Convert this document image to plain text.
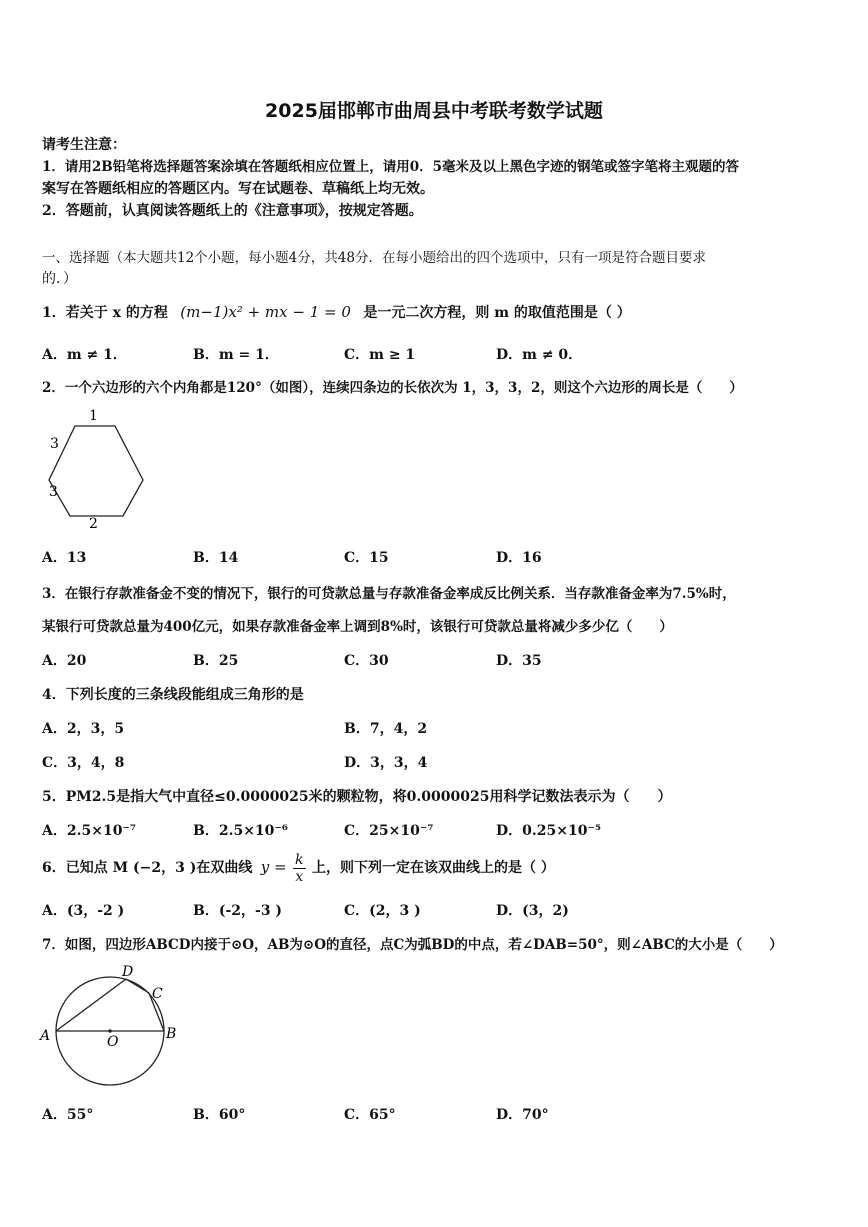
2025届邯郸市曲周县中考联考数学试题
请考生注意：
1．请用2B铅笔将选择题答案涂填在答题纸相应位置上，请用0．5毫米及以上黑色字迹的钢笔或签字笔将主观题的答
案写在答题纸相应的答题区内。写在试题卷、草稿纸上均无效。
2．答题前，认真阅读答题纸上的《注意事项》，按规定答题。
一、选择题（本大题共12个小题，每小题4分，共48分．在每小题给出的四个选项中，只有一项是符合题目要求
的．）
1．若关于 x 的方程 (m−1)x² + mx − 1 = 0 是一元二次方程，则 m 的取值范围是（ ）
A．m ≠ 1．	B．m = 1．	C．m ≥ 1	D．m ≠ 0．
2．一个六边形的六个内角都是120°（如图），连续四条边的长依次为 1，3，3，2，则这个六边形的周长是（　　）
1
3
3
2
A．13	B．14	C．15	D．16
3．在银行存款准备金不变的情况下，银行的可贷款总量与存款准备金率成反比例关系．当存款准备金率为7.5%时，
某银行可贷款总量为400亿元，如果存款准备金率上调到8%时，该银行可贷款总量将减少多少亿（　　）
A．20	B．25	C．30	D．35
4．下列长度的三条线段能组成三角形的是
A．2，3，5	B．7，4，2
C．3，4，8	D．3，3，4
5．PM2.5是指大气中直径≤0.0000025米的颗粒物，将0.0000025用科学记数法表示为（　　）
A．2.5×10⁻⁷	B．2.5×10⁻⁶	C．25×10⁻⁷	D．0.25×10⁻⁵
6．已知点 M (−2，3 )在双曲线 $y = \frac{k}{x}$ 上，则下列一定在该双曲线上的是（ ）
A．(3，-2 )	B．(-2，-3 )	C．(2，3 )	D．(3，2)
7．如图，四边形ABCD内接于⊙O，AB为⊙O的直径，点C为弧BD的中点，若∠DAB=50°，则∠ABC的大小是（　　）
A	B
C
D
O
A．55°	B．60°	C．65°	D．70°
